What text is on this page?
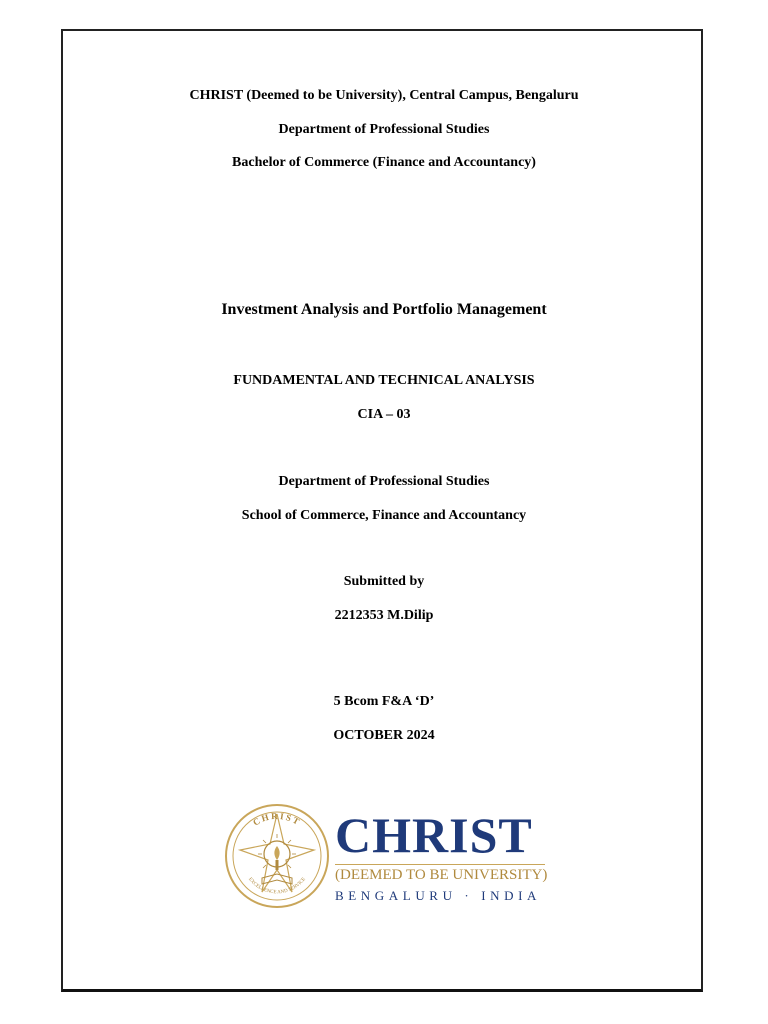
CHRIST (Deemed to be University), Central Campus, Bengaluru
Department of Professional Studies
Bachelor of Commerce (Finance and Accountancy)
Investment Analysis and Portfolio Management
FUNDAMENTAL AND TECHNICAL ANALYSIS
CIA – 03
Department of Professional Studies
School of Commerce, Finance and Accountancy
Submitted by
2212353 M.Dilip
5 Bcom F&A ‘D’
OCTOBER 2024
CHRIST
EXCELLENCE AND SERVICE
CHRIST
(DEEMED TO BE UNIVERSITY)
BENGALURU · INDIA
